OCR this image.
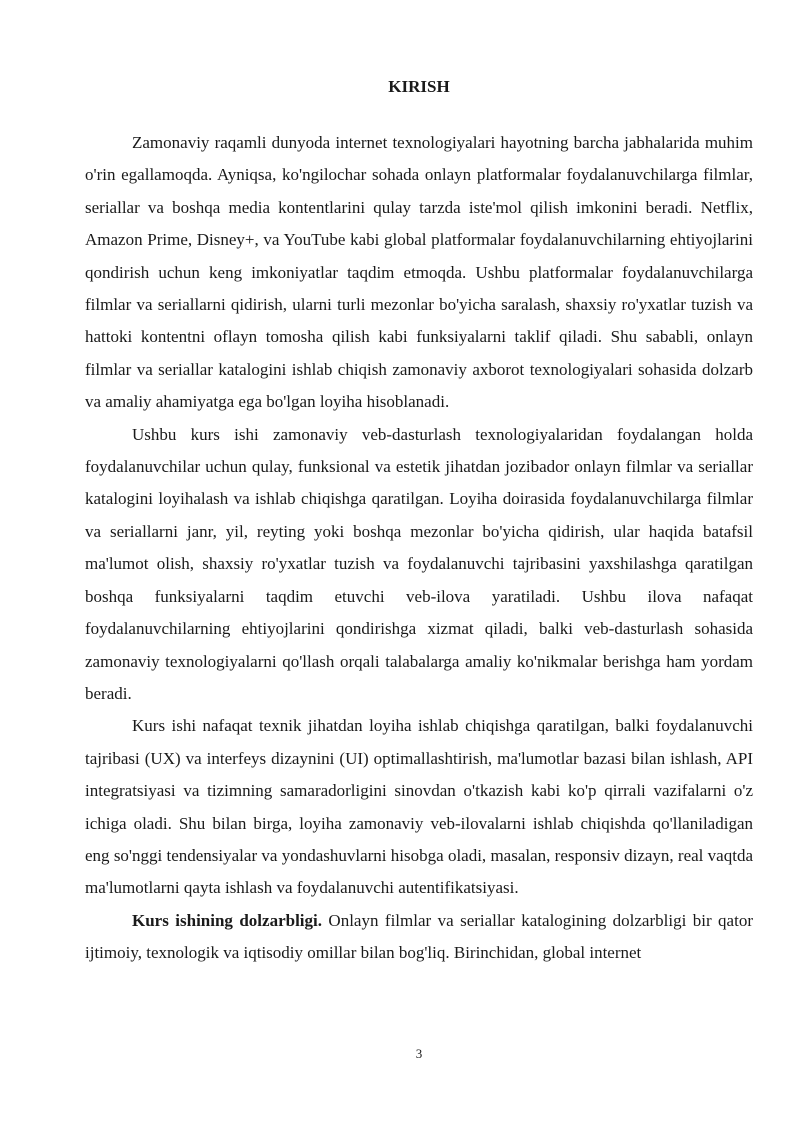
KIRISH

Zamonaviy raqamli dunyoda internet texnologiyalari hayotning barcha jabhalarida muhim o'rin egallamoqda. Ayniqsa, ko'ngilochar sohada onlayn platformalar foydalanuvchilarga filmlar, seriallar va boshqa media kontentlarini qulay tarzda iste'mol qilish imkonini beradi. Netflix, Amazon Prime, Disney+, va YouTube kabi global platformalar foydalanuvchilarning ehtiyojlarini qondirish uchun keng imkoniyatlar taqdim etmoqda. Ushbu platformalar foydalanuvchilarga filmlar va seriallarni qidirish, ularni turli mezonlar bo'yicha saralash, shaxsiy ro'yxatlar tuzish va hattoki kontentni oflayn tomosha qilish kabi funksiyalarni taklif qiladi. Shu sababli, onlayn filmlar va seriallar katalogini ishlab chiqish zamonaviy axborot texnologiyalari sohasida dolzarb va amaliy ahamiyatga ega bo'lgan loyiha hisoblanadi.

Ushbu kurs ishi zamonaviy veb-dasturlash texnologiyalaridan foydalangan holda foydalanuvchilar uchun qulay, funksional va estetik jihatdan jozibador onlayn filmlar va seriallar katalogini loyihalash va ishlab chiqishga qaratilgan. Loyiha doirasida foydalanuvchilarga filmlar va seriallarni janr, yil, reyting yoki boshqa mezonlar bo'yicha qidirish, ular haqida batafsil ma'lumot olish, shaxsiy ro'yxatlar tuzish va foydalanuvchi tajribasini yaxshilashga qaratilgan boshqa funksiyalarni taqdim etuvchi veb-ilova yaratiladi. Ushbu ilova nafaqat foydalanuvchilarning ehtiyojlarini qondirishga xizmat qiladi, balki veb-dasturlash sohasida zamonaviy texnologiyalarni qo'llash orqali talabalarga amaliy ko'nikmalar berishga ham yordam beradi.

Kurs ishi nafaqat texnik jihatdan loyiha ishlab chiqishga qaratilgan, balki foydalanuvchi tajribasi (UX) va interfeys dizaynini (UI) optimallashtirish, ma'lumotlar bazasi bilan ishlash, API integratsiyasi va tizimning samaradorligini sinovdan o'tkazish kabi ko'p qirrali vazifalarni o'z ichiga oladi. Shu bilan birga, loyiha zamonaviy veb-ilovalarni ishlab chiqishda qo'llaniladigan eng so'nggi tendensiyalar va yondashuvlarni hisobga oladi, masalan, responsiv dizayn, real vaqtda ma'lumotlarni qayta ishlash va foydalanuvchi autentifikatsiyasi.

Kurs ishining dolzarbligi. Onlayn filmlar va seriallar katalogining dolzarbligi bir qator ijtimoiy, texnologik va iqtisodiy omillar bilan bog'liq. Birinchidan, global internet

3
